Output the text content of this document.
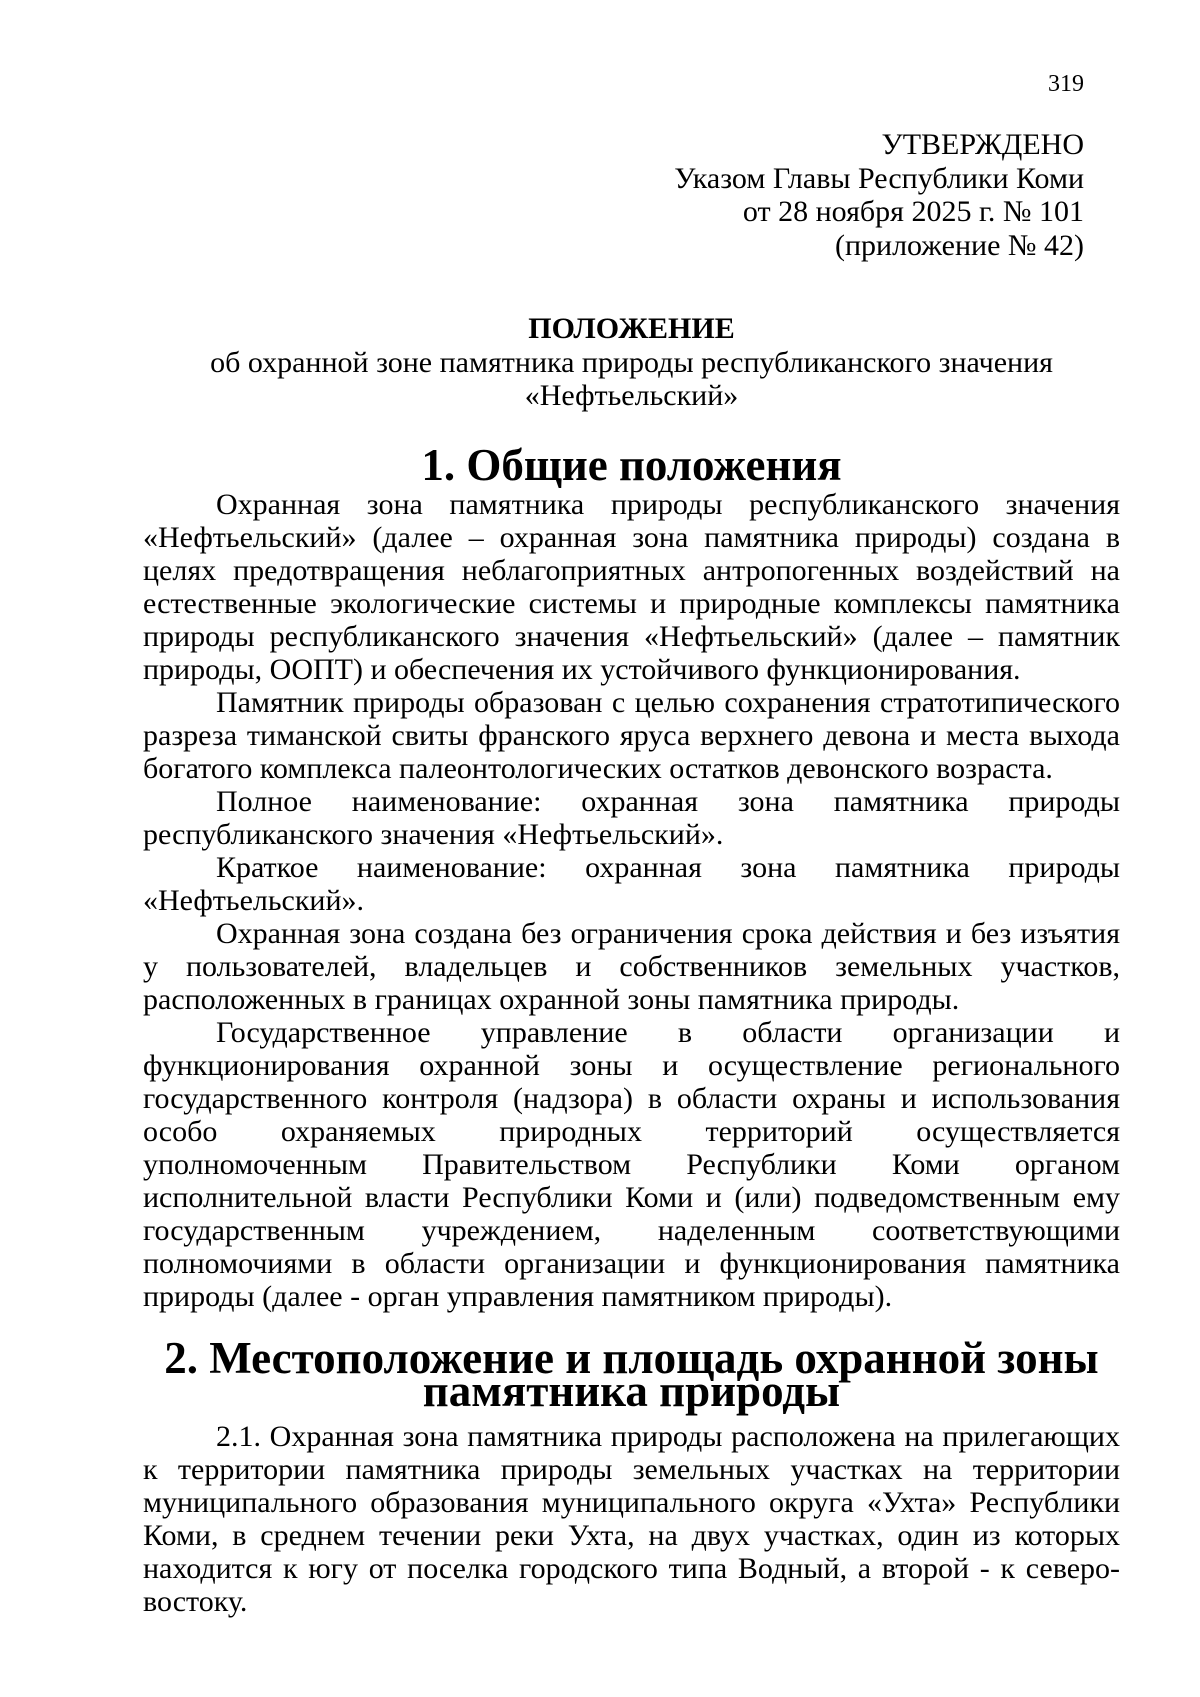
319
УТВЕРЖДЕНО
Указом Главы Республики Коми
от 28 ноября 2025 г. № 101
(приложение № 42)
ПОЛОЖЕНИЕ
об охранной зоне памятника природы республиканского значения
«Нефтьельский»
1. Общие положения

Охранная зона памятника природы республиканского значения «Нефтьельский» (далее – охранная зона памятника природы) создана в целях предотвращения неблагоприятных антропогенных воздействий на естественные экологические системы и природные комплексы памятника природы республиканского значения «Нефтьельский» (далее – памятник природы, ООПТ) и обеспечения их устойчивого функционирования.

Памятник природы образован с целью сохранения стратотипического разреза тиманской свиты франского яруса верхнего девона и места выхода богатого комплекса палеонтологических остатков девонского возраста.

Полное наименование: охранная зона памятника природы республиканского значения «Нефтьельский».

Краткое наименование: охранная зона памятника природы «Нефтьельский».

Охранная зона создана без ограничения срока действия и без изъятия у пользователей, владельцев и собственников земельных участков, расположенных в границах охранной зоны памятника природы.

Государственное управление в области организации и функционирования охранной зоны и осуществление регионального государственного контроля (надзора) в области охраны и использования особо охраняемых природных территорий осуществляется уполномоченным Правительством Республики Коми органом исполнительной власти Республики Коми и (или) подведомственным ему государственным учреждением, наделенным соответствующими полномочиями в области организации и функционирования памятника природы (далее - орган управления памятником природы).

2. Местоположение и площадь охранной зоны памятника природы

2.1. Охранная зона памятника природы расположена на прилегающих к территории памятника природы земельных участках на территории муниципального образования муниципального округа «Ухта» Республики Коми, в среднем течении реки Ухта, на двух участках, один из которых находится к югу от поселка городского типа Водный, а второй - к северо-востоку.
